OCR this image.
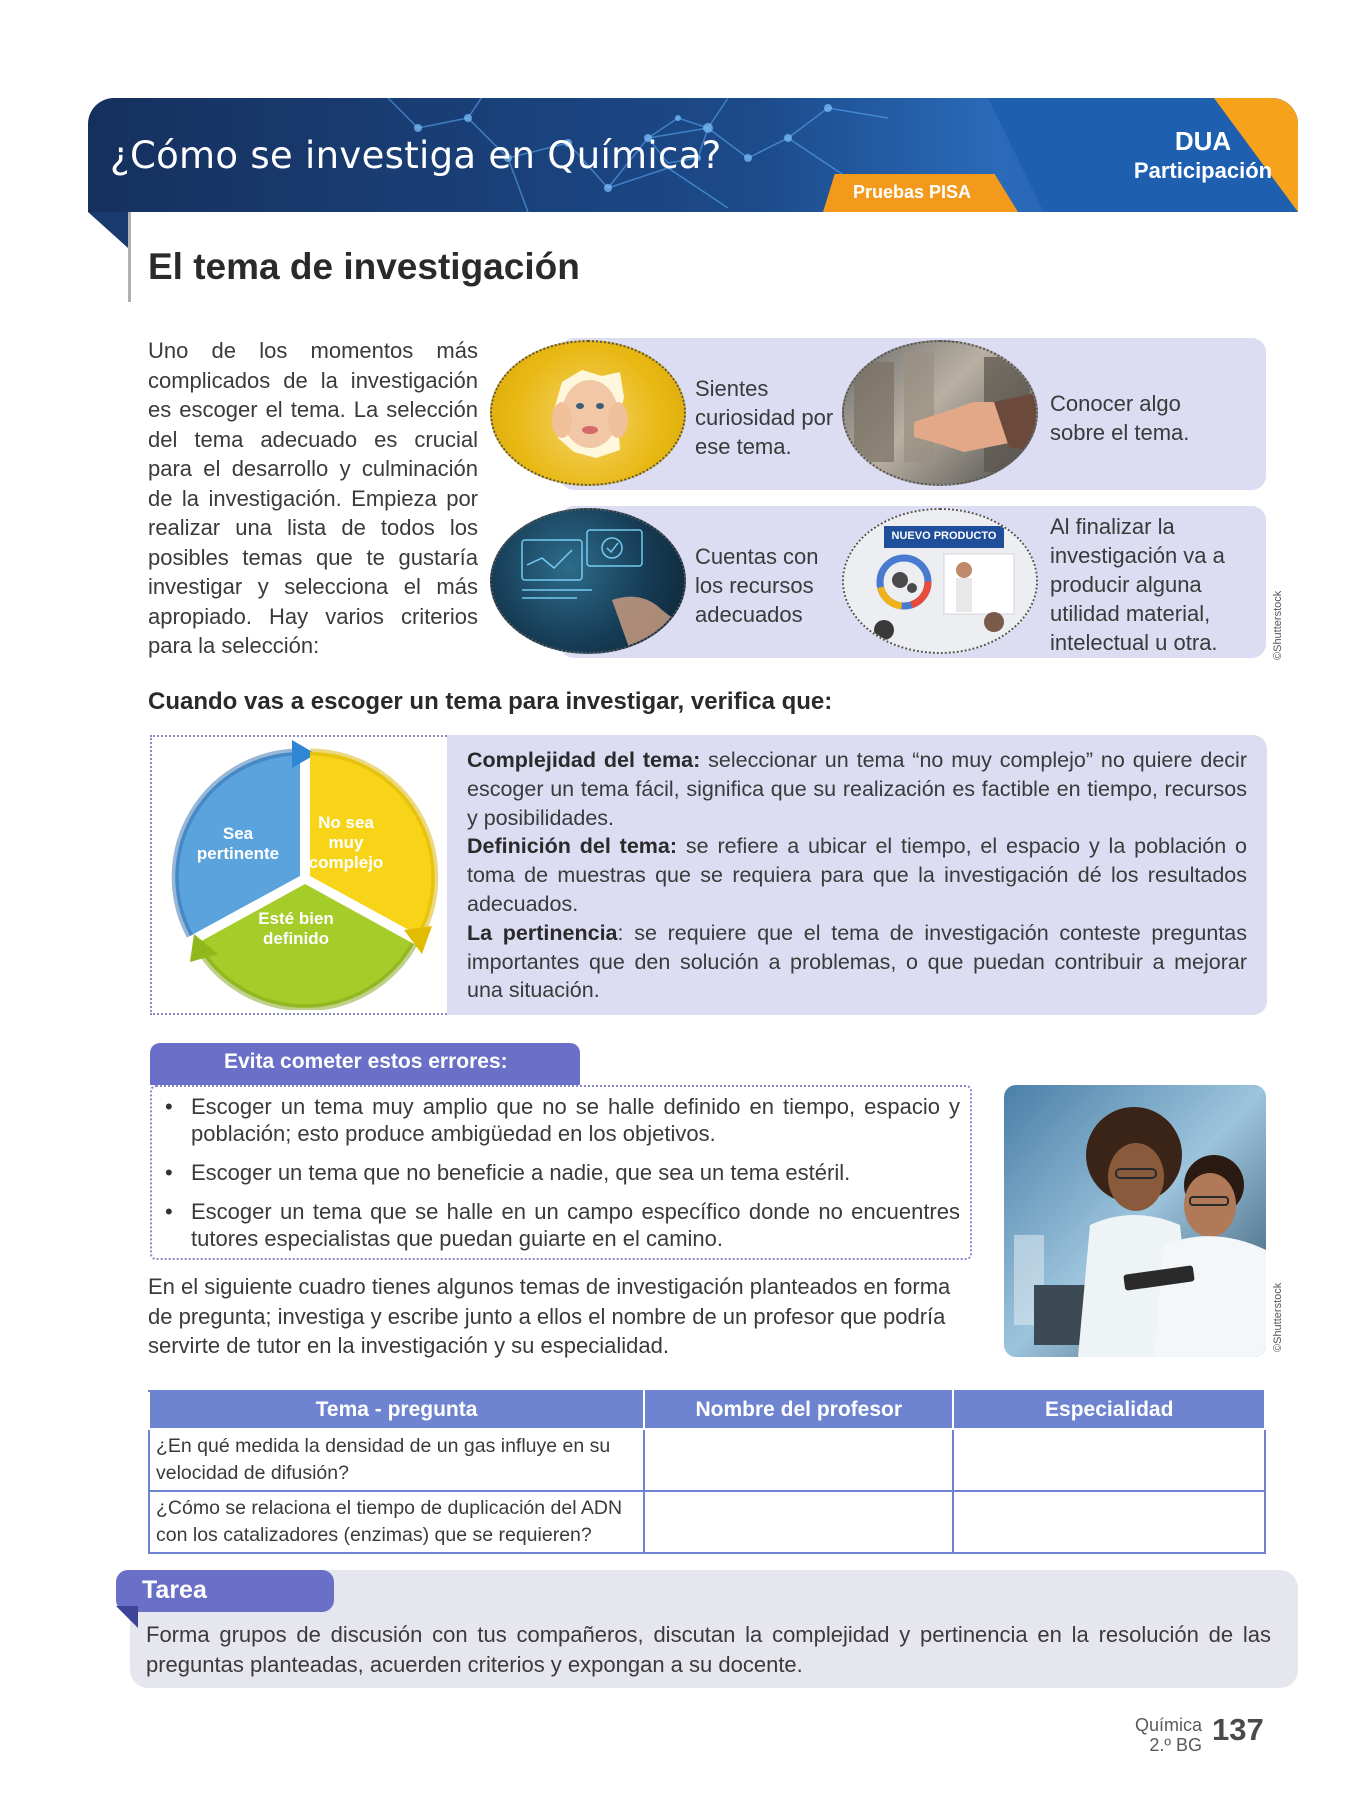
Pruebas PISA
DUA
Participación
¿Cómo se investiga en Química?
El tema de investigación

Uno de los momentos más complicados de la investigación es escoger el tema. La selección del tema adecuado es crucial para el desarrollo y culminación de la investigación. Empieza por realizar una lista de todos los posibles temas que te gustaría investigar y selecciona el más apropiado. Hay varios criterios para la selección:

Sientes curiosidad por ese tema.
Conocer algo sobre el tema.
Cuentas con los recursos adecuados
NUEVO PRODUCTO	Al finalizar la investigación va a producir alguna utilidad material, intelectual u otra.	©Shutterstock
Cuando vas a escoger un tema para investigar, verifica que:
Sea pertinente
No sea muy complejo
Esté bien definido
Complejidad del tema: seleccionar un tema “no muy complejo” no quiere decir escoger un tema fácil, significa que su realización es factible en tiempo, recursos y posibilidades.
Definición del tema: se refiere a ubicar el tiempo, el espacio y la población o toma de muestras que se requiera para que la investigación dé los resultados adecuados.
La pertinencia: se requiere que el tema de investigación conteste preguntas importantes que den solución a problemas, o que puedan contribuir a mejorar una situación.
Evita cometer estos errores:
• Escoger un tema muy amplio que no se halle definido en tiempo, espacio y población; esto produce ambigüedad en los objetivos.
• Escoger un tema que no beneficie a nadie, que sea un tema estéril.
• Escoger un tema que se halle en un campo específico donde no encuentres tutores especialistas que puedan guiarte en el camino.
©Shutterstock

En el siguiente cuadro tienes algunos temas de investigación planteados en forma de pregunta; investiga y escribe junto a ellos el nombre de un profesor que podría servirte de tutor en la investigación y su especialidad.

Tema - pregunta	Nombre del profesor	Especialidad
¿En qué medida la densidad de un gas influye en su velocidad de difusión?		
¿Cómo se relaciona el tiempo de duplicación del ADN con los catalizadores (enzimas) que se requieren?		
Tarea

Forma grupos de discusión con tus compañeros, discutan la complejidad y pertinencia en la resolución de las preguntas planteadas, acuerden criterios y expongan a su docente.

Química
2.º BG 137
